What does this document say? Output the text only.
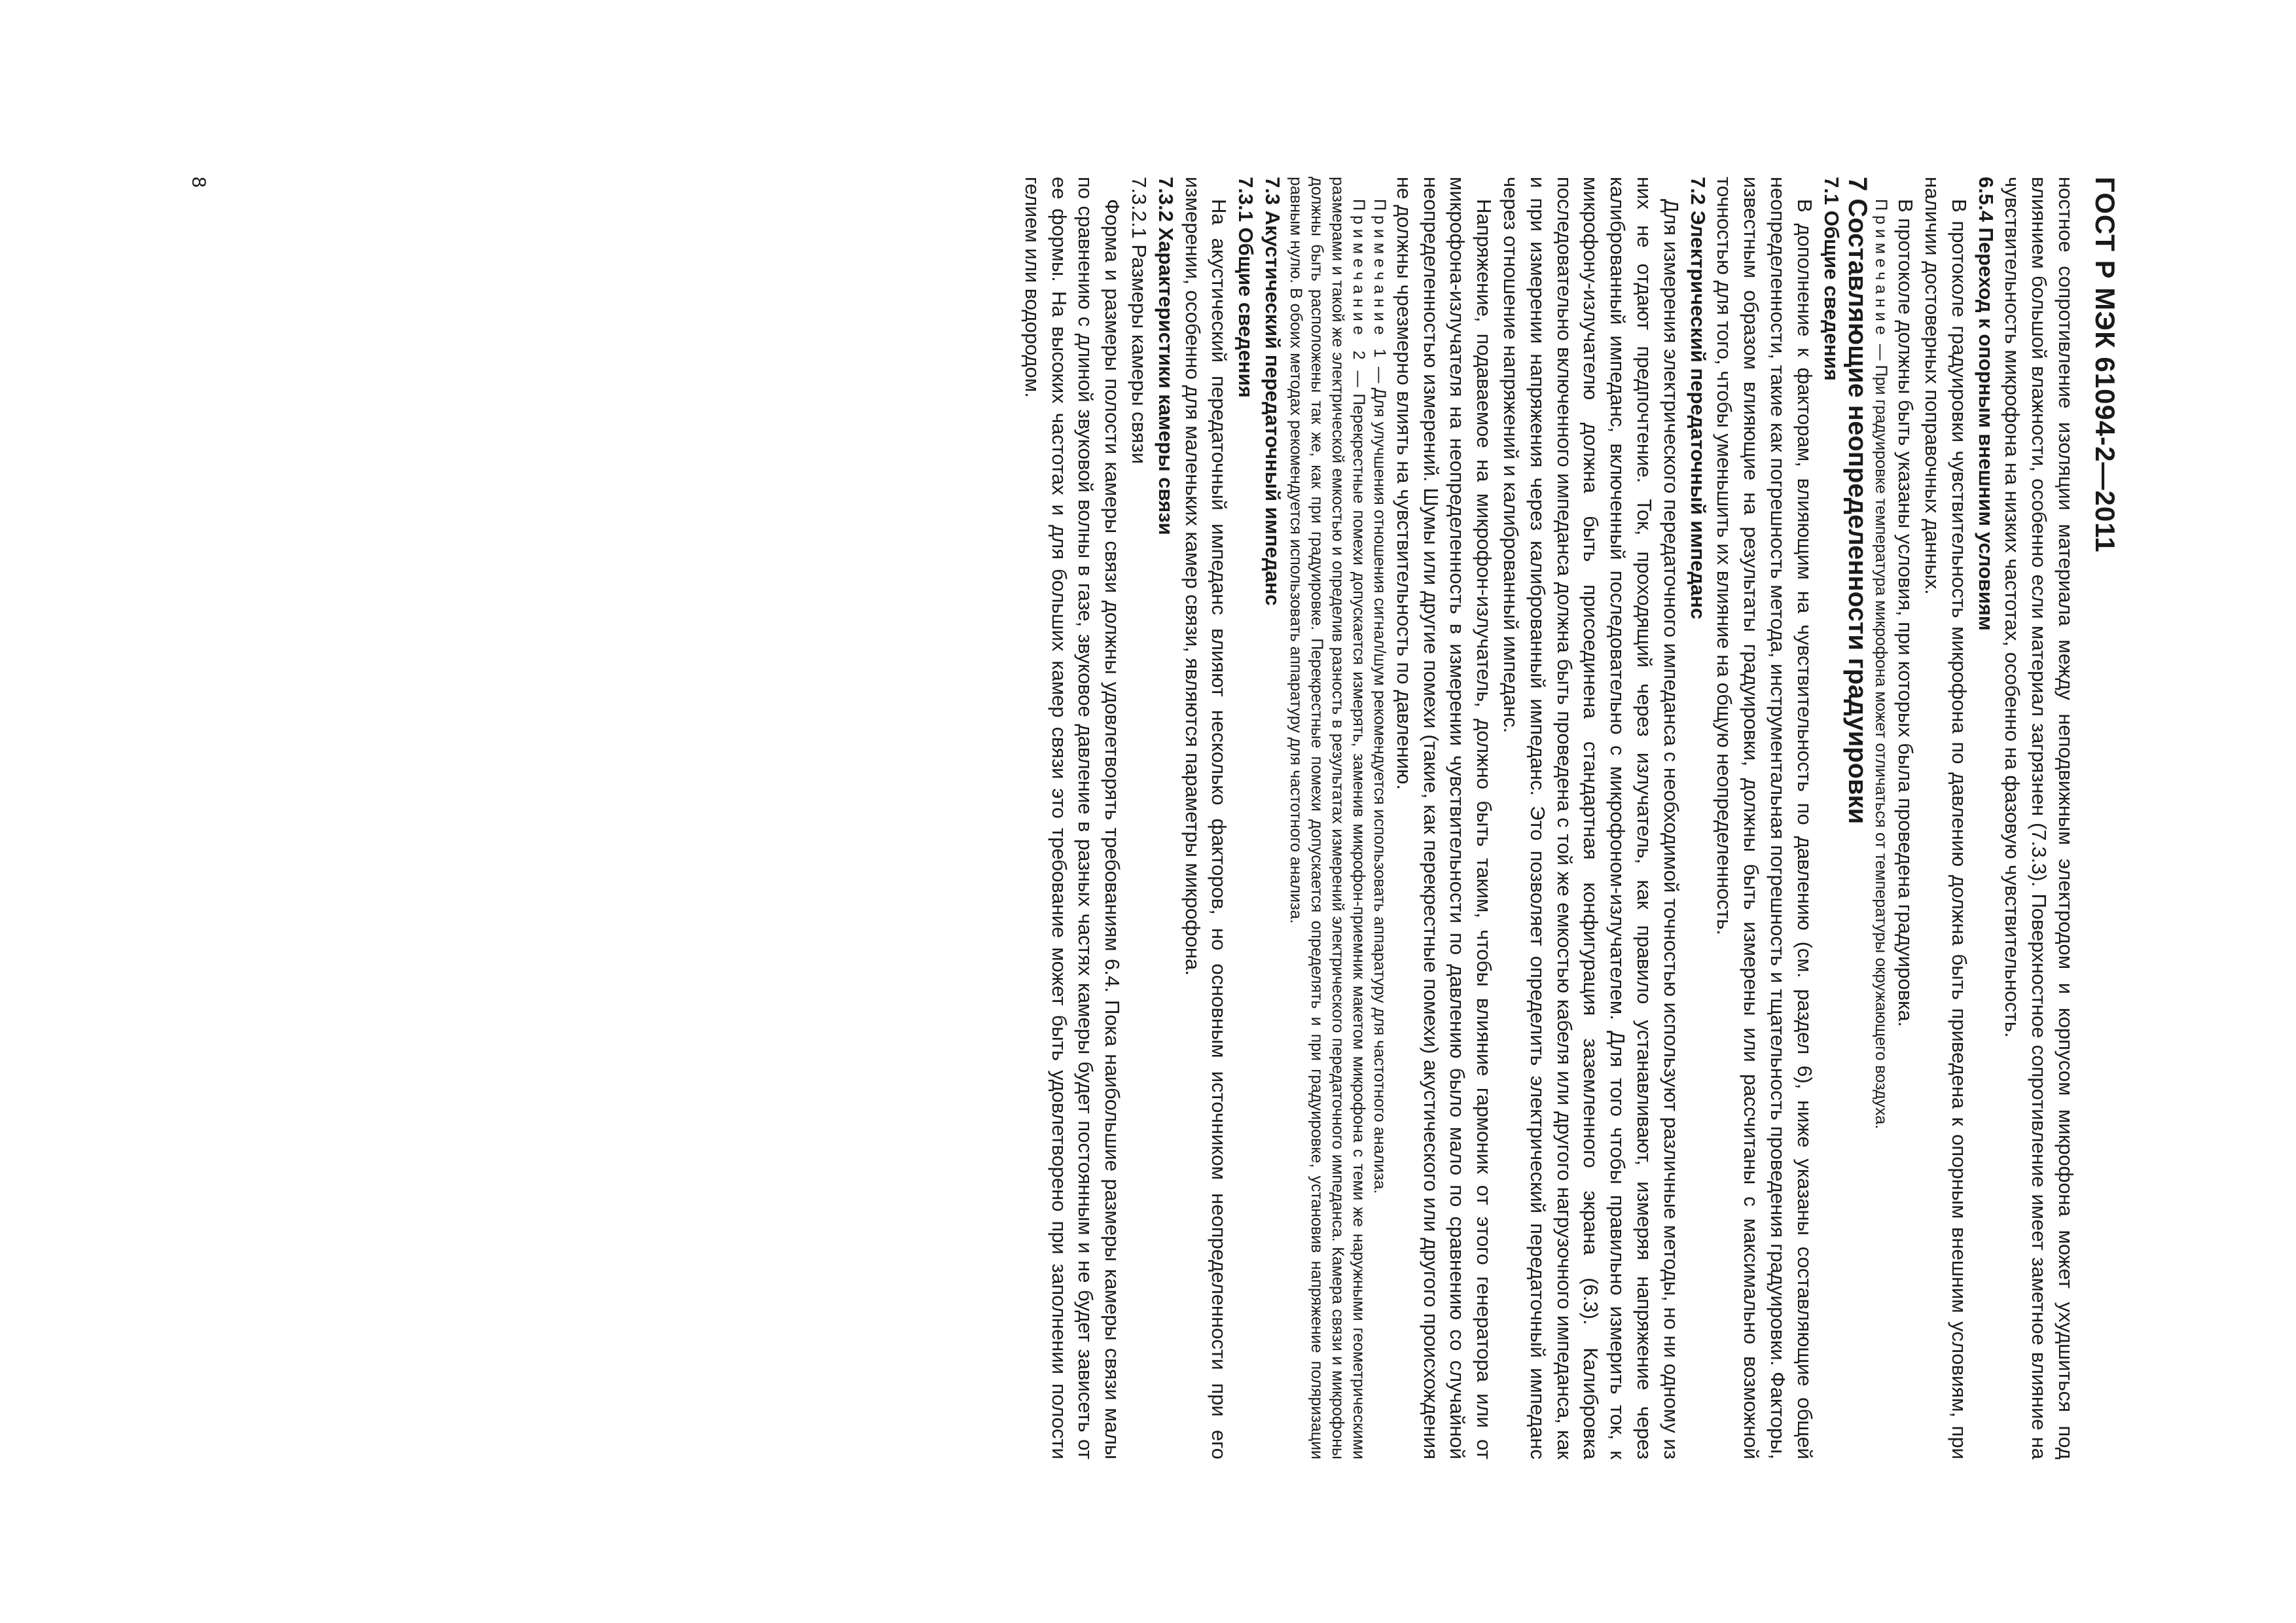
ГОСТ Р МЭК 61094-2—2011

ностное сопротивление изоляции материала между неподвижным электродом и корпусом микрофона может ухудшиться под влиянием большой влажности, особенно если материал загрязнен (7.3.3). Поверхностное сопротивление имеет заметное влияние на чувствительность микрофона на низких частотах, особенно на фазовую чувствительность.

6.5.4 Переход к опорным внешним условиям

В протоколе градуировки чувствительность микрофона по давлению должна быть приведена к опорным внешним условиям, при наличии достоверных поправочных данных.

В протоколе должны быть указаны условия, при которых была проведена градуировка.

Примечание — При градуировке температура микрофона может отличаться от температуры окружающего воздуха.

7 Составляющие неопределенности градуировки

7.1 Общие сведения

В дополнение к факторам, влияющим на чувствительность по давлению (см. раздел 6), ниже указаны составляющие общей неопределенности, такие как погрешность метода, инструментальная погрешность и тщательность проведения градуировки. Факторы, известным образом влияющие на результаты градуировки, должны быть измерены или рассчитаны с максимально возможной точностью для того, чтобы уменьшить их влияние на общую неопределенность.

7.2 Электрический передаточный импеданс

Для измерения электрического передаточного импеданса с необходимой точностью используют различные методы, но ни одному из них не отдают предпочтение. Ток, проходящий через излучатель, как правило устанавливают, измеряя напряжение через калиброванный импеданс, включенный последовательно с микрофоном-излучателем. Для того чтобы правильно измерить ток, к микрофону-излучателю должна быть присоединена стандартная конфигурация заземленного экрана (6.3). Калибровка последовательно включенного импеданса должна быть проведена с той же емкостью кабеля или другого нагрузочного импеданса, как и при измерении напряжения через калиброванный импеданс. Это позволяет определить электрический передаточный импеданс через отношение напряжений и калиброванный импеданс.

Напряжение, подаваемое на микрофон-излучатель, должно быть таким, чтобы влияние гармоник от этого генератора или от микрофона-излучателя на неопределенность в измерении чувствительности по давлению было мало по сравнению со случайной неопределенностью измерений. Шумы или другие помехи (такие, как перекрестные помехи) акустического или другого происхождения не должны чрезмерно влиять на чувствительность по давлению.

Примечание 1 — Для улучшения отношения сигнал/шум рекомендуется использовать аппаратуру для частотного анализа.

Примечание 2 — Перекрестные помехи допускается измерять, заменив микрофон-приемник макетом микрофона с теми же наружными геометрическими размерами и такой же электрической емкостью и определив разность в результатах измерений электрического передаточного импеданса. Камера связи и микрофоны должны быть расположены так же, как при градуировке. Перекрестные помехи допускается определять и при градуировке, установив напряжение поляризации равным нулю. В обоих методах рекомендуется использовать аппаратуру для частотного анализа.

7.3 Акустический передаточный импеданс

7.3.1 Общие сведения

На акустический передаточный импеданс влияют несколько факторов, но основным источником неопределенности при его измерении, особенно для маленьких камер связи, являются параметры микрофона.

7.3.2 Характеристики камеры связи

7.3.2.1 Размеры камеры связи

Форма и размеры полости камеры связи должны удовлетворять требованиям 6.4. Пока наибольшие размеры камеры связи малы по сравнению с длиной звуковой волны в газе, звуковое давление в разных частях камеры будет постоянным и не будет зависеть от ее формы. На высоких частотах и для больших камер связи это требование может быть удовлетворено при заполнении полости гелием или водородом.

8
